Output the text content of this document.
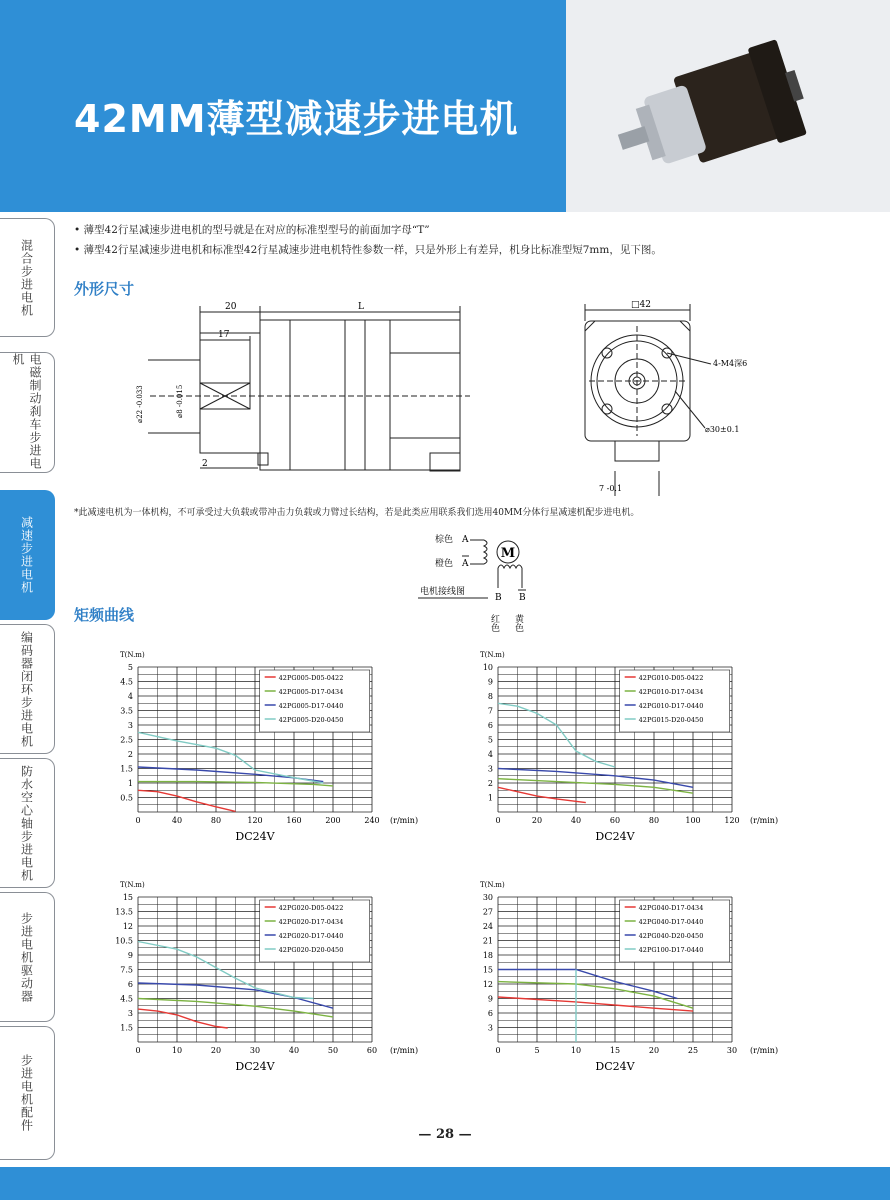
42MM薄型减速步进电机
混合步进电机
电磁制动刹车步进电机
减速步进电机
编码器闭环步进电机
防水空心轴步进电机
步进电机驱动器
步进电机配件
• 薄型42行星减速步进电机的型号就是在对应的标准型型号的前面加字母“T”
• 薄型42行星减速步进电机和标准型42行星减速步进电机特性参数一样，只是外形上有差异，机身比标准型短7mm，见下图。
外形尺寸
20	L
17
2
⌀22 -0.033	⌀8 -0.015
□42
4-M4深6
⌀30±0.1
7 -0.1
*此减速电机为一体机构，不可承受过大负载或带冲击力负载或力臂过长结构，若是此类应用联系我们选用40MM分体行星减速机配步进电机。
棕色 A
橙色 A
M
电机接线图
B B
红色 黄色
矩频曲线
0.5
1
1.5
2
2.5
3
3.5
4
4.5
5
0	40	80	120	160	200	240
T(N.m)
(r/min)
DC24V
42PG005-D05-0422
42PG005-D17-0434
42PG005-D17-0440
42PG005-D20-0450
1
2
3
4
5
6
7
8
9
10
0	20	40	60	80	100	120
T(N.m)
(r/min)
DC24V
42PG010-D05-0422
42PG010-D17-0434
42PG010-D17-0440
42PG015-D20-0450
1.5
3
4.5
6
7.5
9
10.5
12
13.5
15
0	10	20	30	40	50	60
T(N.m)
(r/min)
DC24V
42PG020-D05-0422
42PG020-D17-0434
42PG020-D17-0440
42PG020-D20-0450
3
6
9
12
15
18
21
24
27
30
0	5	10	15	20	25	30
T(N.m)
(r/min)
DC24V
42PG040-D17-0434
42PG040-D17-0440
42PG040-D20-0450
42PG100-D17-0440
— 28 —
